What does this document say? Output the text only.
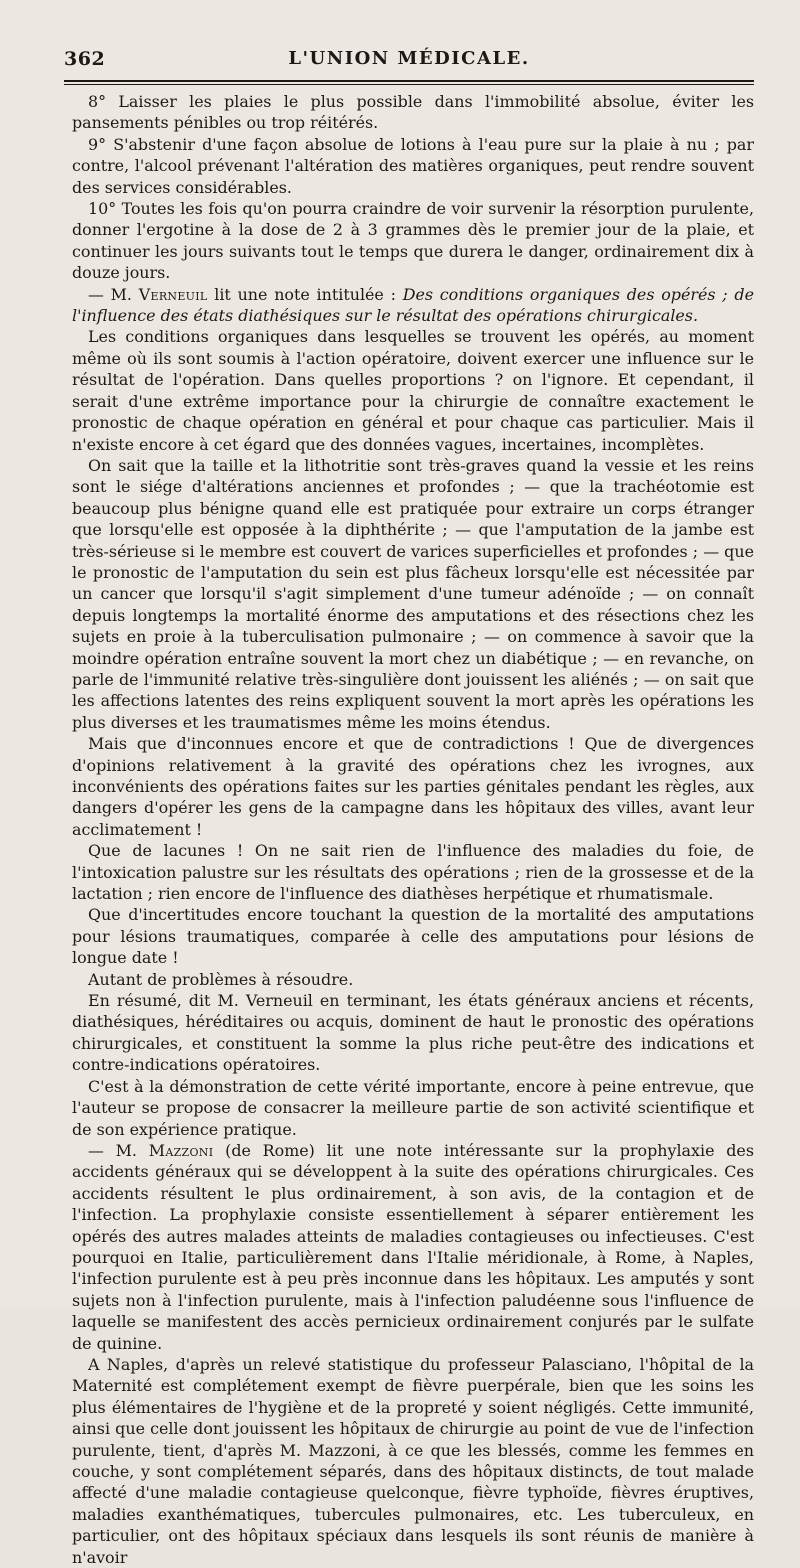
362	L'UNION MÉDICALE.

8° Laisser les plaies le plus possible dans l'immobilité absolue, éviter les pansements pénibles ou trop réitérés.

9° S'abstenir d'une façon absolue de lotions à l'eau pure sur la plaie à nu ; par contre, l'alcool prévenant l'altération des matières organiques, peut rendre souvent des services considérables.

10° Toutes les fois qu'on pourra craindre de voir survenir la résorption purulente, donner l'ergotine à la dose de 2 à 3 grammes dès le premier jour de la plaie, et continuer les jours suivants tout le temps que durera le danger, ordinairement dix à douze jours.

— M. Verneuil lit une note intitulée : Des conditions organiques des opérés ; de l'influence des états diathésiques sur le résultat des opérations chirurgicales.

Les conditions organiques dans lesquelles se trouvent les opérés, au moment même où ils sont soumis à l'action opératoire, doivent exercer une influence sur le résultat de l'opération. Dans quelles proportions ? on l'ignore. Et cependant, il serait d'une extrême importance pour la chirurgie de connaître exactement le pronostic de chaque opération en général et pour chaque cas particulier. Mais il n'existe encore à cet égard que des données vagues, incertaines, incomplètes.

On sait que la taille et la lithotritie sont très-graves quand la vessie et les reins sont le siége d'altérations anciennes et profondes ; — que la trachéotomie est beaucoup plus bénigne quand elle est pratiquée pour extraire un corps étranger que lorsqu'elle est opposée à la diphthérite ; — que l'amputation de la jambe est très-sérieuse si le membre est couvert de varices superficielles et profondes ; — que le pronostic de l'amputation du sein est plus fâcheux lorsqu'elle est nécessitée par un cancer que lorsqu'il s'agit simplement d'une tumeur adénoïde ; — on connaît depuis longtemps la mortalité énorme des amputations et des résections chez les sujets en proie à la tuberculisation pulmonaire ; — on commence à savoir que la moindre opération entraîne souvent la mort chez un diabétique ; — en revanche, on parle de l'immunité relative très-singulière dont jouissent les aliénés ; — on sait que les affections latentes des reins expliquent souvent la mort après les opérations les plus diverses et les traumatismes même les moins étendus.

Mais que d'inconnues encore et que de contradictions ! Que de divergences d'opinions relativement à la gravité des opérations chez les ivrognes, aux inconvénients des opérations faites sur les parties génitales pendant les règles, aux dangers d'opérer les gens de la campagne dans les hôpitaux des villes, avant leur acclimatement !

Que de lacunes ! On ne sait rien de l'influence des maladies du foie, de l'intoxication palustre sur les résultats des opérations ; rien de la grossesse et de la lactation ; rien encore de l'influence des diathèses herpétique et rhumatismale.

Que d'incertitudes encore touchant la question de la mortalité des amputations pour lésions traumatiques, comparée à celle des amputations pour lésions de longue date !

Autant de problèmes à résoudre.

En résumé, dit M. Verneuil en terminant, les états généraux anciens et récents, diathésiques, héréditaires ou acquis, dominent de haut le pronostic des opérations chirurgicales, et constituent la somme la plus riche peut-être des indications et contre-indications opératoires.

C'est à la démonstration de cette vérité importante, encore à peine entrevue, que l'auteur se propose de consacrer la meilleure partie de son activité scientifique et de son expérience pratique.

— M. Mazzoni (de Rome) lit une note intéressante sur la prophylaxie des accidents généraux qui se développent à la suite des opérations chirurgicales. Ces accidents résultent le plus ordinairement, à son avis, de la contagion et de l'infection. La prophylaxie consiste essentiellement à séparer entièrement les opérés des autres malades atteints de maladies contagieuses ou infectieuses. C'est pourquoi en Italie, particulièrement dans l'Italie méridionale, à Rome, à Naples, l'infection purulente est à peu près inconnue dans les hôpitaux. Les amputés y sont sujets non à l'infection purulente, mais à l'infection paludéenne sous l'influence de laquelle se manifestent des accès pernicieux ordinairement conjurés par le sulfate de quinine.

A Naples, d'après un relevé statistique du professeur Palasciano, l'hôpital de la Maternité est complétement exempt de fièvre puerpérale, bien que les soins les plus élémentaires de l'hygiène et de la propreté y soient négligés. Cette immunité, ainsi que celle dont jouissent les hôpitaux de chirurgie au point de vue de l'infection purulente, tient, d'après M. Mazzoni, à ce que les blessés, comme les femmes en couche, y sont complétement séparés, dans des hôpitaux distincts, de tout malade affecté d'une maladie contagieuse quelconque, fièvre typhoïde, fièvres éruptives, maladies exanthématiques, tubercules pulmonaires, etc. Les tuberculeux, en particulier, ont des hôpitaux spéciaux dans lesquels ils sont réunis de manière à n'avoir
